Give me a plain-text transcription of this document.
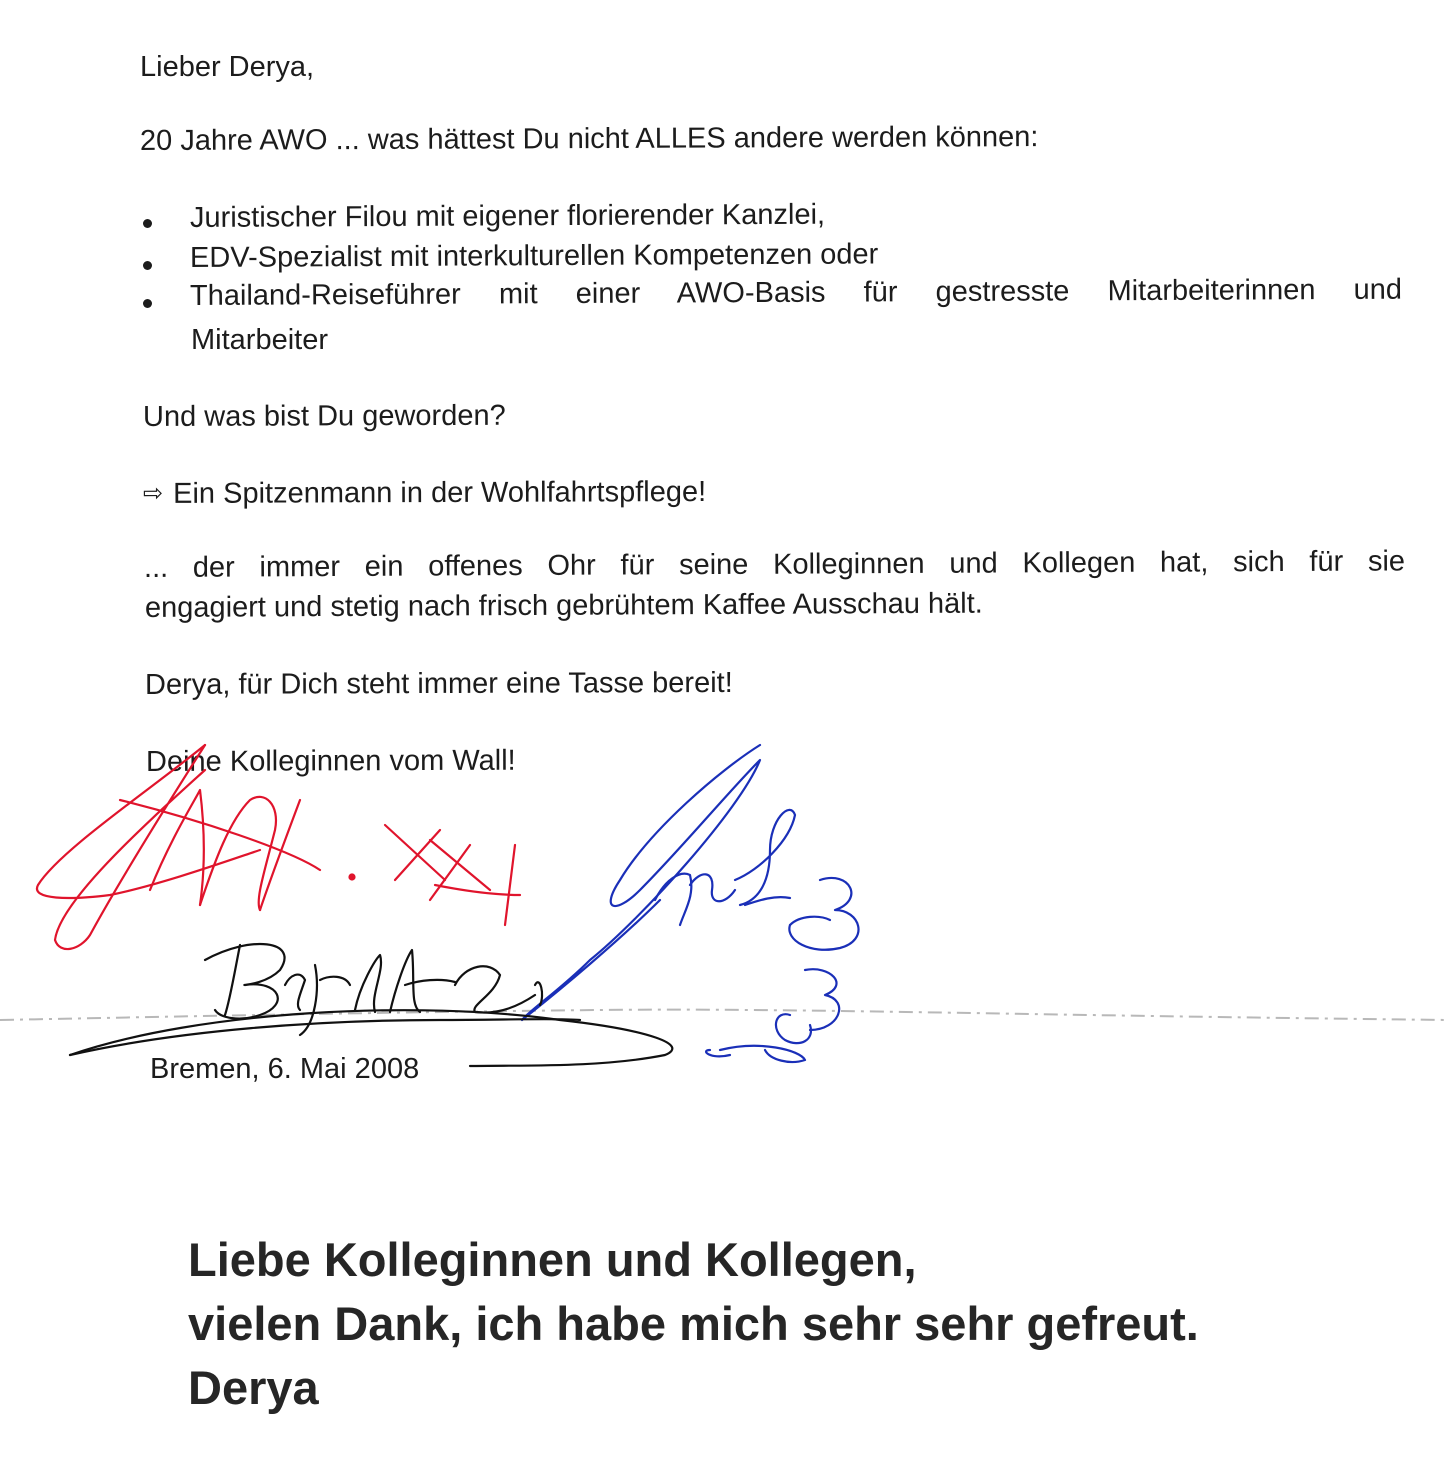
Lieber Derya,
20 Jahre AWO ... was hättest Du nicht ALLES andere werden können:
Juristischer Filou mit eigener florierender Kanzlei,
EDV-Spezialist mit interkulturellen Kompetenzen oder
Thailand-Reiseführer mit einer AWO-Basis für gestresste Mitarbeiterinnen und
Mitarbeiter
Und was bist Du geworden?
⇨ Ein Spitzenmann in der Wohlfahrtspflege!
... der immer ein offenes Ohr für seine Kolleginnen und Kollegen hat, sich für sie
engagiert und stetig nach frisch gebrühtem Kaffee Ausschau hält.
Derya, für Dich steht immer eine Tasse bereit!
Deine Kolleginnen vom Wall!
Bremen, 6. Mai 2008
Liebe Kolleginnen und Kollegen,
vielen Dank, ich habe mich sehr sehr gefreut.
Derya
